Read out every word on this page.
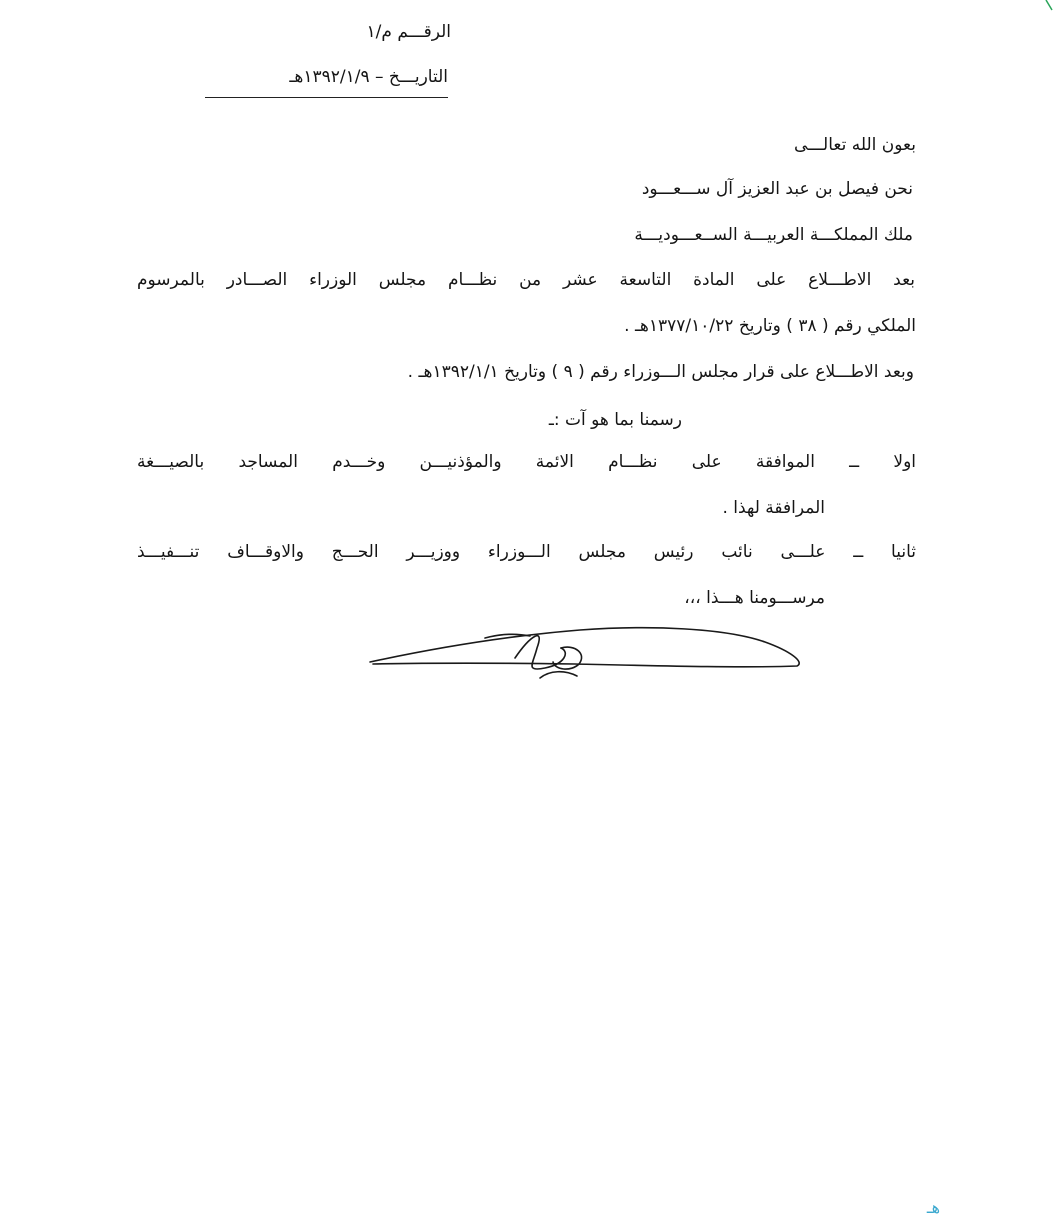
الرقـــم م/١
التاريـــخ – ١٣٩٢/١/٩هـ
بعون الله تعالـــى
نحن فيصل بن عبد العزيز آل ســـعـــود
ملك المملكـــة العربيـــة الســعـــوديـــة
بعد الاطـــلاع على المادة التاسعة عشر من نظـــام مجلس الوزراء الصـــادر بالمرسوم
الملكي رقم ( ٣٨ ) وتاريخ ١٣٧٧/١٠/٢٢هـ .
وبعد الاطـــلاع على قرار مجلس الـــوزراء رقم ( ٩ ) وتاريخ ١٣٩٢/١/١هـ .
رسمنا بما هو آت :ـ
اولا ــ الموافقة على نظـــام الائمة والمؤذنيـــن وخـــدم المساجد بالصيـــغة
المرافقة لهذا .
ثانيا ــ علـــى نائب رئيس مجلس الـــوزراء ووزيـــر الحـــج والاوقـــاف تنـــفيـــذ
مرســـومنا هـــذا ،،،
هـ
